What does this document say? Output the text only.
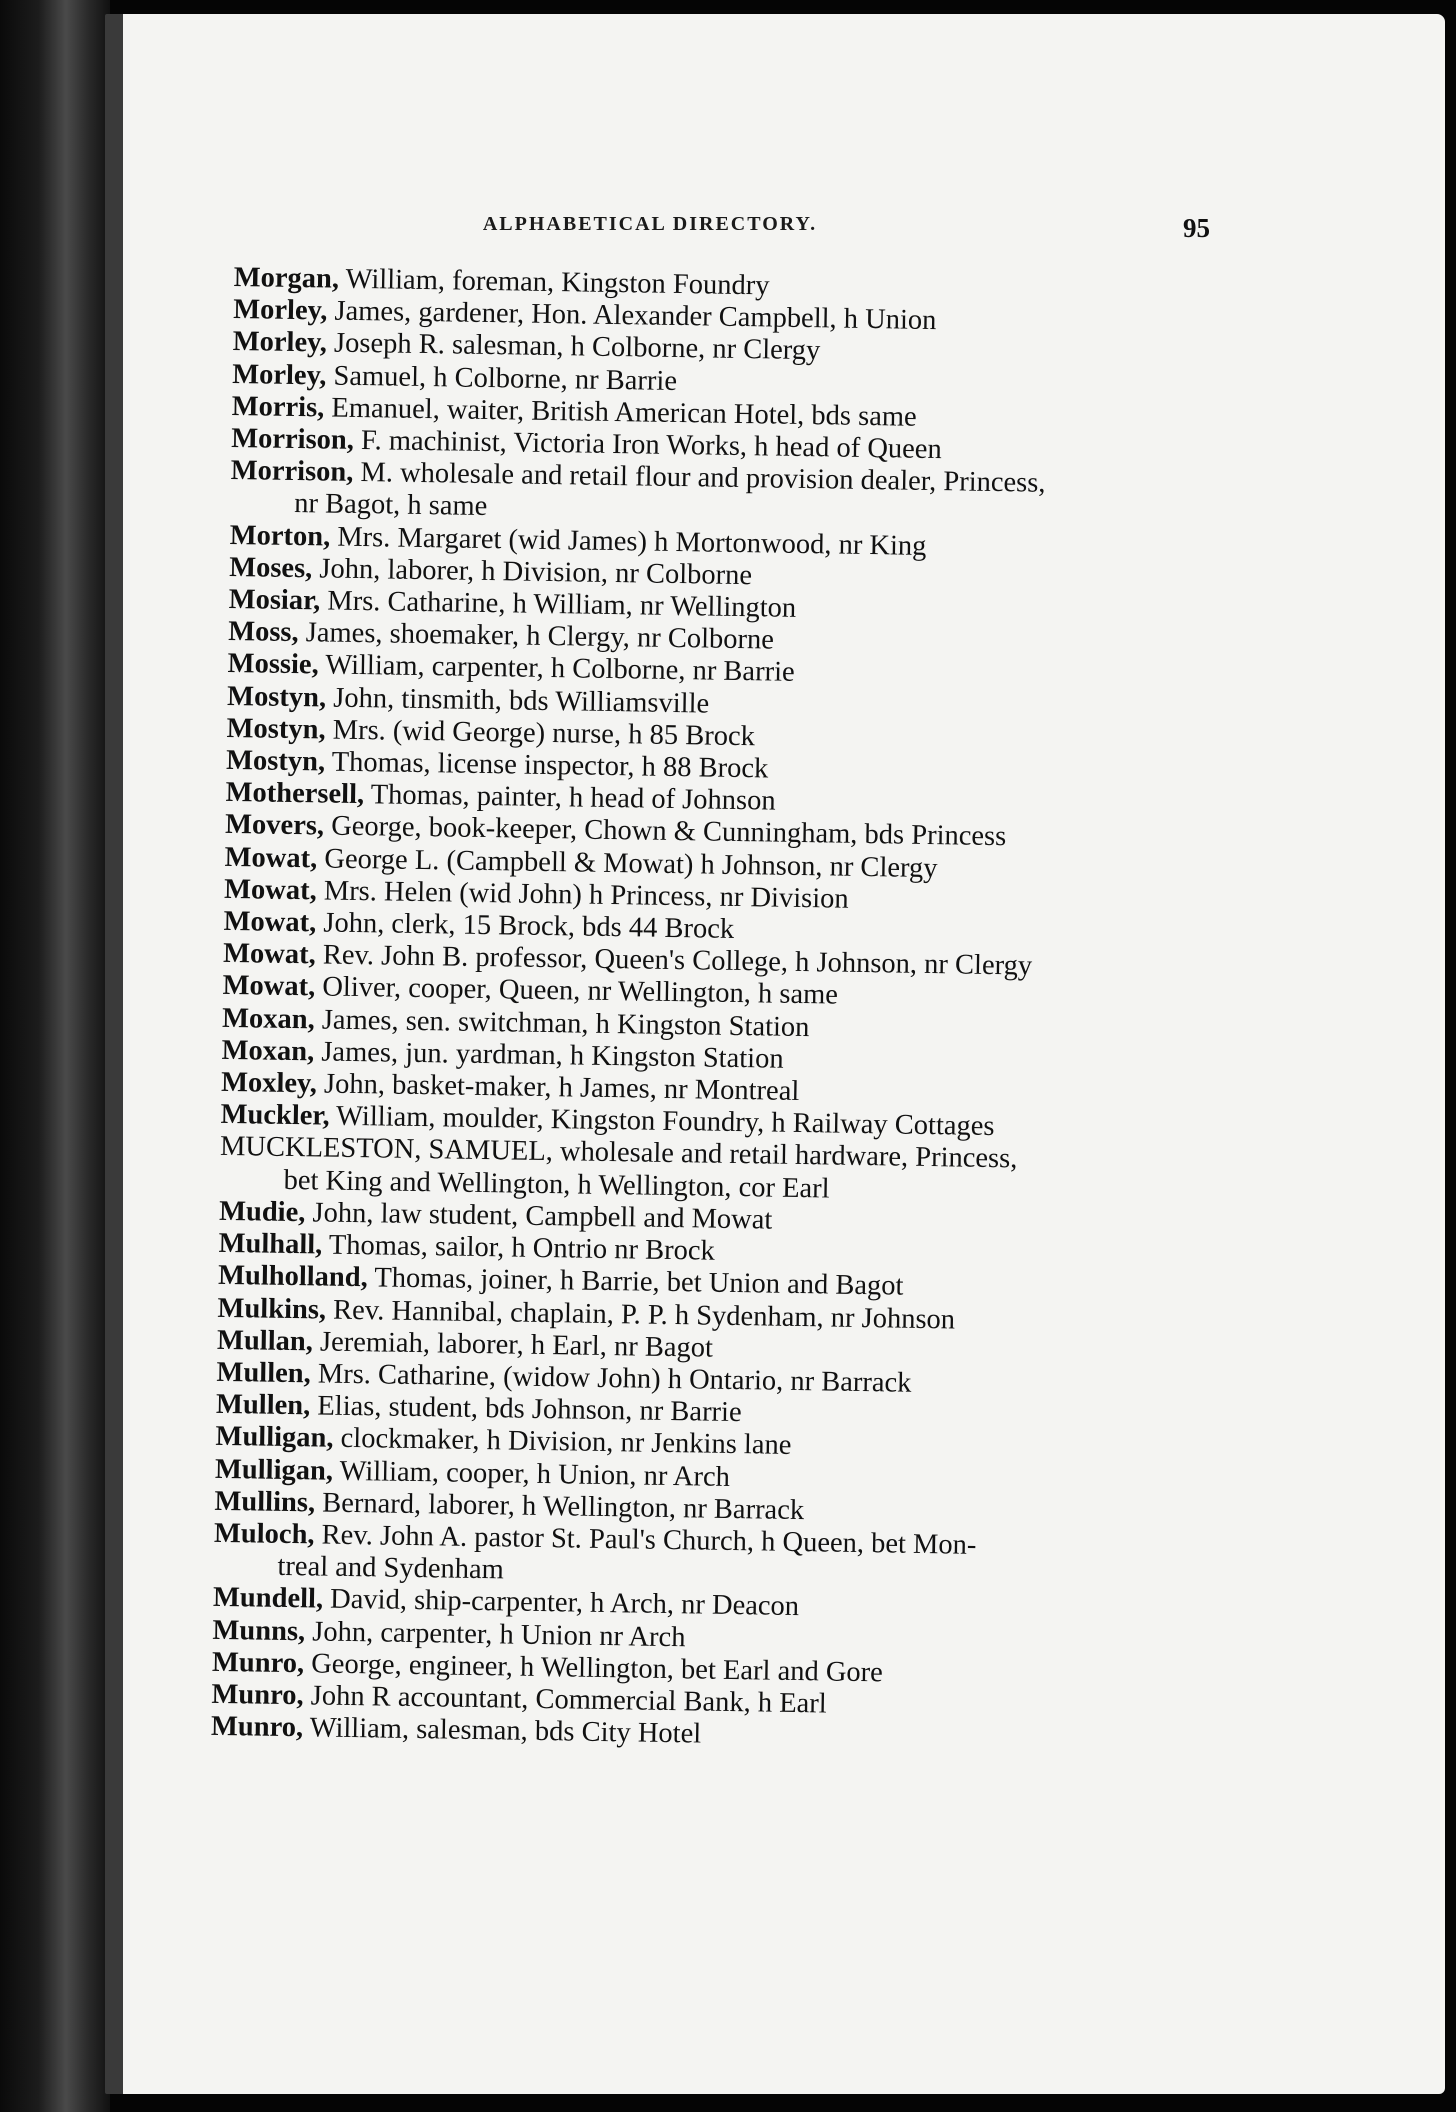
ALPHABETICAL DIRECTORY.	95
Morgan, William, foreman, Kingston Foundry
Morley, James, gardener, Hon. Alexander Campbell, h Union
Morley, Joseph R. salesman, h Colborne, nr Clergy
Morley, Samuel, h Colborne, nr Barrie
Morris, Emanuel, waiter, British American Hotel, bds same
Morrison, F. machinist, Victoria Iron Works, h head of Queen
Morrison, M. wholesale and retail flour and provision dealer, Princess,
nr Bagot, h same
Morton, Mrs. Margaret (wid James) h Mortonwood, nr King
Moses, John, laborer, h Division, nr Colborne
Mosiar, Mrs. Catharine, h William, nr Wellington
Moss, James, shoemaker, h Clergy, nr Colborne
Mossie, William, carpenter, h Colborne, nr Barrie
Mostyn, John, tinsmith, bds Williamsville
Mostyn, Mrs. (wid George) nurse, h 85 Brock
Mostyn, Thomas, license inspector, h 88 Brock
Mothersell, Thomas, painter, h head of Johnson
Movers, George, book-keeper, Chown & Cunningham, bds Princess
Mowat, George L. (Campbell & Mowat) h Johnson, nr Clergy
Mowat, Mrs. Helen (wid John) h Princess, nr Division
Mowat, John, clerk, 15 Brock, bds 44 Brock
Mowat, Rev. John B. professor, Queen's College, h Johnson, nr Clergy
Mowat, Oliver, cooper, Queen, nr Wellington, h same
Moxan, James, sen. switchman, h Kingston Station
Moxan, James, jun. yardman, h Kingston Station
Moxley, John, basket-maker, h James, nr Montreal
Muckler, William, moulder, Kingston Foundry, h Railway Cottages
MUCKLESTON, SAMUEL, wholesale and retail hardware, Princess,
bet King and Wellington, h Wellington, cor Earl
Mudie, John, law student, Campbell and Mowat
Mulhall, Thomas, sailor, h Ontrio nr Brock
Mulholland, Thomas, joiner, h Barrie, bet Union and Bagot
Mulkins, Rev. Hannibal, chaplain, P. P. h Sydenham, nr Johnson
Mullan, Jeremiah, laborer, h Earl, nr Bagot
Mullen, Mrs. Catharine, (widow John) h Ontario, nr Barrack
Mullen, Elias, student, bds Johnson, nr Barrie
Mulligan, clockmaker, h Division, nr Jenkins lane
Mulligan, William, cooper, h Union, nr Arch
Mullins, Bernard, laborer, h Wellington, nr Barrack
Muloch, Rev. John A. pastor St. Paul's Church, h Queen, bet Mon-
treal and Sydenham
Mundell, David, ship-carpenter, h Arch, nr Deacon
Munns, John, carpenter, h Union nr Arch
Munro, George, engineer, h Wellington, bet Earl and Gore
Munro, John R accountant, Commercial Bank, h Earl
Munro, William, salesman, bds City Hotel
